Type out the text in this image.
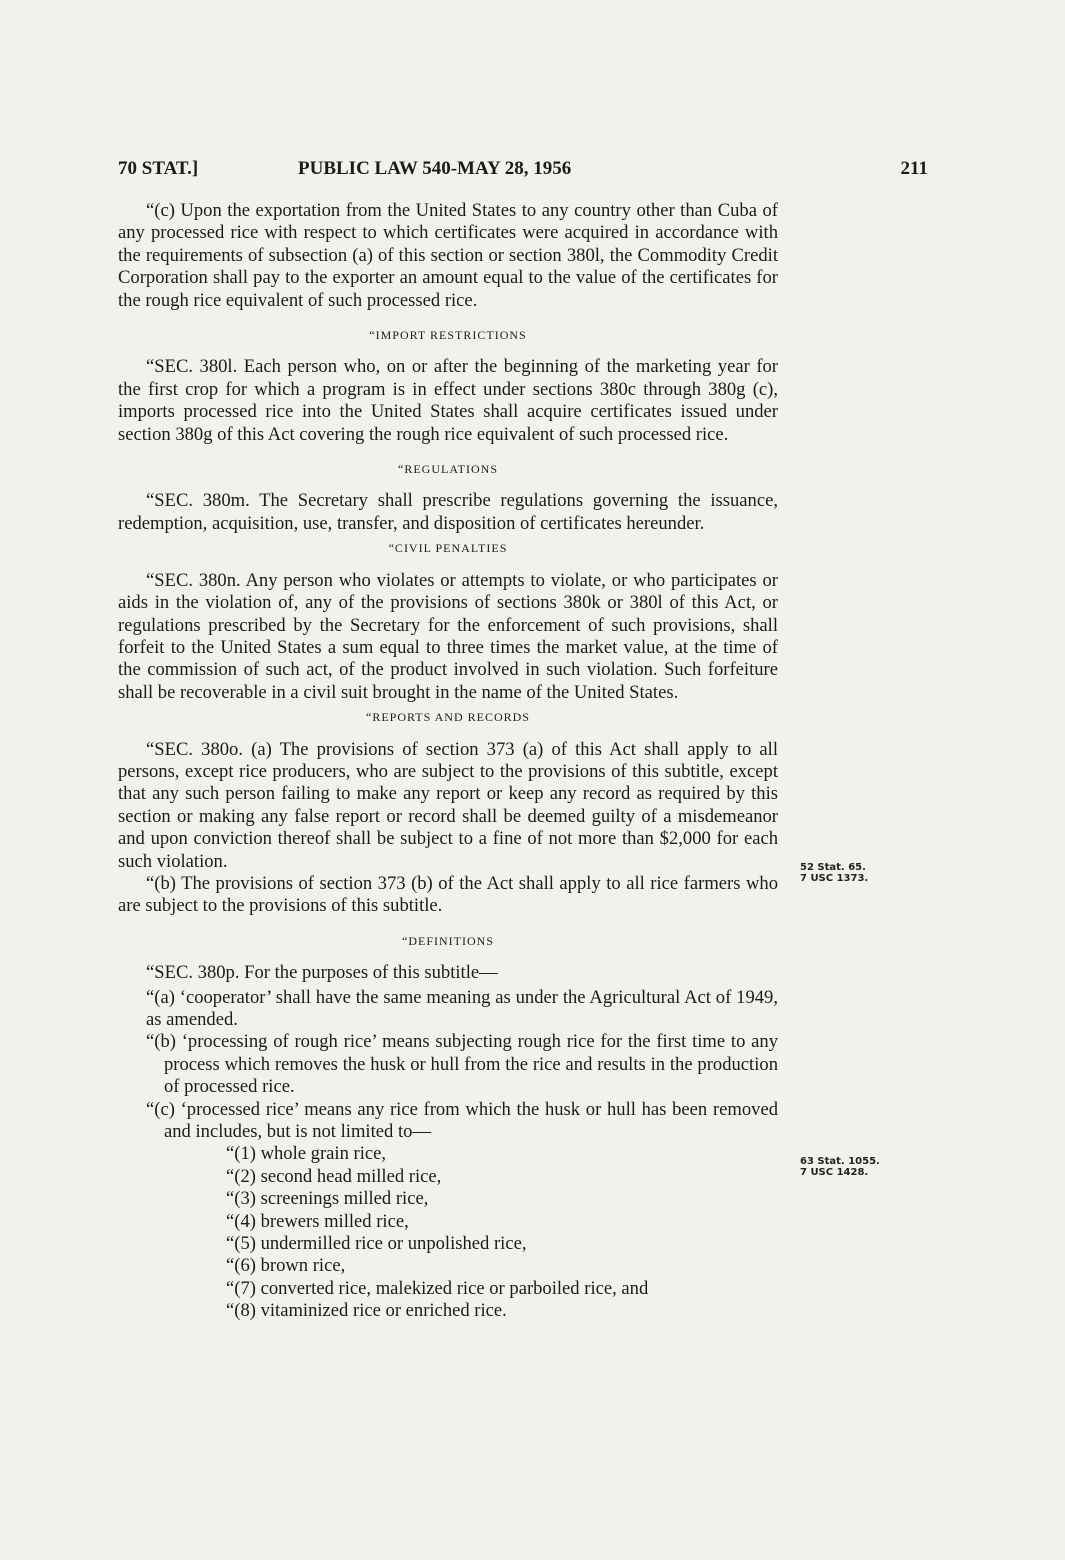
70 STAT.]	PUBLIC LAW 540-MAY 28, 1956	211

“(c) Upon the exportation from the United States to any country other than Cuba of any processed rice with respect to which certificates were acquired in accordance with the requirements of subsection (a) of this section or section 380l, the Commodity Credit Corporation shall pay to the exporter an amount equal to the value of the certificates for the rough rice equivalent of such processed rice.

“IMPORT RESTRICTIONS

“SEC. 380l. Each person who, on or after the beginning of the marketing year for the first crop for which a program is in effect under sections 380c through 380g (c), imports processed rice into the United States shall acquire certificates issued under section 380g of this Act covering the rough rice equivalent of such processed rice.

“REGULATIONS

“SEC. 380m. The Secretary shall prescribe regulations governing the issuance, redemption, acquisition, use, transfer, and disposition of certificates hereunder.

“CIVIL PENALTIES

“SEC. 380n. Any person who violates or attempts to violate, or who participates or aids in the violation of, any of the provisions of sections 380k or 380l of this Act, or regulations prescribed by the Secretary for the enforcement of such provisions, shall forfeit to the United States a sum equal to three times the market value, at the time of the commission of such act, of the product involved in such violation. Such forfeiture shall be recoverable in a civil suit brought in the name of the United States.

“REPORTS AND RECORDS

“SEC. 380o. (a) The provisions of section 373 (a) of this Act shall apply to all persons, except rice producers, who are subject to the provisions of this subtitle, except that any such person failing to make any report or keep any record as required by this section or making any false report or record shall be deemed guilty of a misdemeanor and upon conviction thereof shall be subject to a fine of not more than $2,000 for each such violation.

“(b) The provisions of section 373 (b) of the Act shall apply to all rice farmers who are subject to the provisions of this subtitle.

“DEFINITIONS

“SEC. 380p. For the purposes of this subtitle—

“(a) ‘cooperator’ shall have the same meaning as under the Agricultural Act of 1949, as amended.

“(b) ‘processing of rough rice’ means subjecting rough rice for the first time to any process which removes the husk or hull from the rice and results in the production of processed rice.

“(c) ‘processed rice’ means any rice from which the husk or hull has been removed and includes, but is not limited to—

“(1) whole grain rice,
“(2) second head milled rice,
“(3) screenings milled rice,
“(4) brewers milled rice,
“(5) undermilled rice or unpolished rice,
“(6) brown rice,
“(7) converted rice, malekized rice or parboiled rice, and
“(8) vitaminized rice or enriched rice.
52 Stat. 65.
7 USC 1373.
63 Stat. 1055.
7 USC 1428.
